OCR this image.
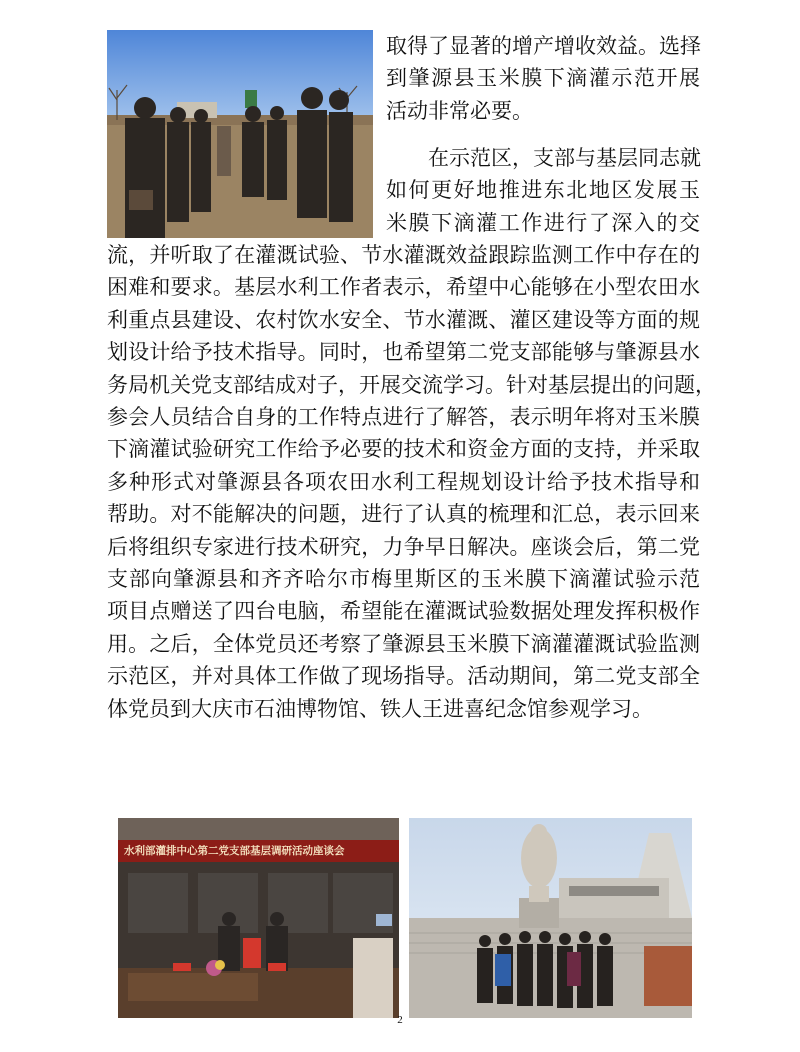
取得了显著的增产增收效益。选择
到肇源县玉米膜下滴灌示范开展
活动非常必要。
　　在示范区，支部与基层同志就
如何更好地推进东北地区发展玉
米膜下滴灌工作进行了深入的交
流，并听取了在灌溉试验、节水灌溉效益跟踪监测工作中存在的
困难和要求。基层水利工作者表示，希望中心能够在小型农田水
利重点县建设、农村饮水安全、节水灌溉、灌区建设等方面的规
划设计给予技术指导。同时，也希望第二党支部能够与肇源县水
务局机关党支部结成对子，开展交流学习。针对基层提出的问题，
参会人员结合自身的工作特点进行了解答，表示明年将对玉米膜
下滴灌试验研究工作给予必要的技术和资金方面的支持，并采取
多种形式对肇源县各项农田水利工程规划设计给予技术指导和
帮助。对不能解决的问题，进行了认真的梳理和汇总，表示回来
后将组织专家进行技术研究，力争早日解决。座谈会后，第二党
支部向肇源县和齐齐哈尔市梅里斯区的玉米膜下滴灌试验示范
项目点赠送了四台电脑，希望能在灌溉试验数据处理发挥积极作
用。之后，全体党员还考察了肇源县玉米膜下滴灌灌溉试验监测
示范区，并对具体工作做了现场指导。活动期间，第二党支部全
体党员到大庆市石油博物馆、铁人王进喜纪念馆参观学习。
水利部灌排中心第二党支部基层调研活动座谈会
2
